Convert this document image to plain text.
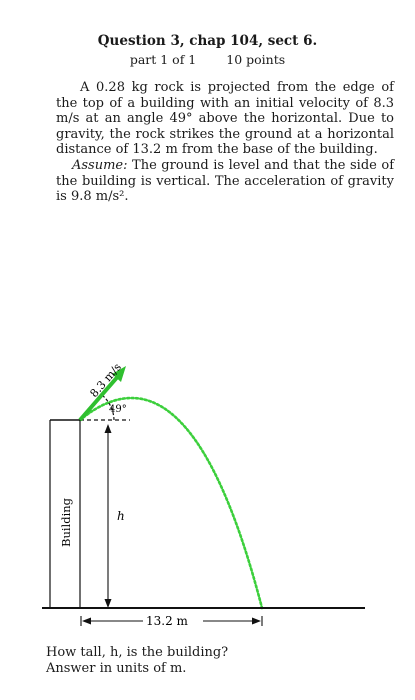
Question 3, chap 104, sect 6.
part 1 of 1 10 points

A 0.28 kg rock is projected from the edge of the top of a building with an initial velocity of 8.3 m/s at an angle 49° above the horizontal. Due to gravity, the rock strikes the ground at a horizontal distance of 13.2 m from the base of the building.

Assume: The ground is level and that the side of the building is vertical. The acceleration of gravity is 9.8 m/s².

8.3 m/s
49°
h
Building
13.2 m
How tall, h, is the building?
Answer in units of m.
